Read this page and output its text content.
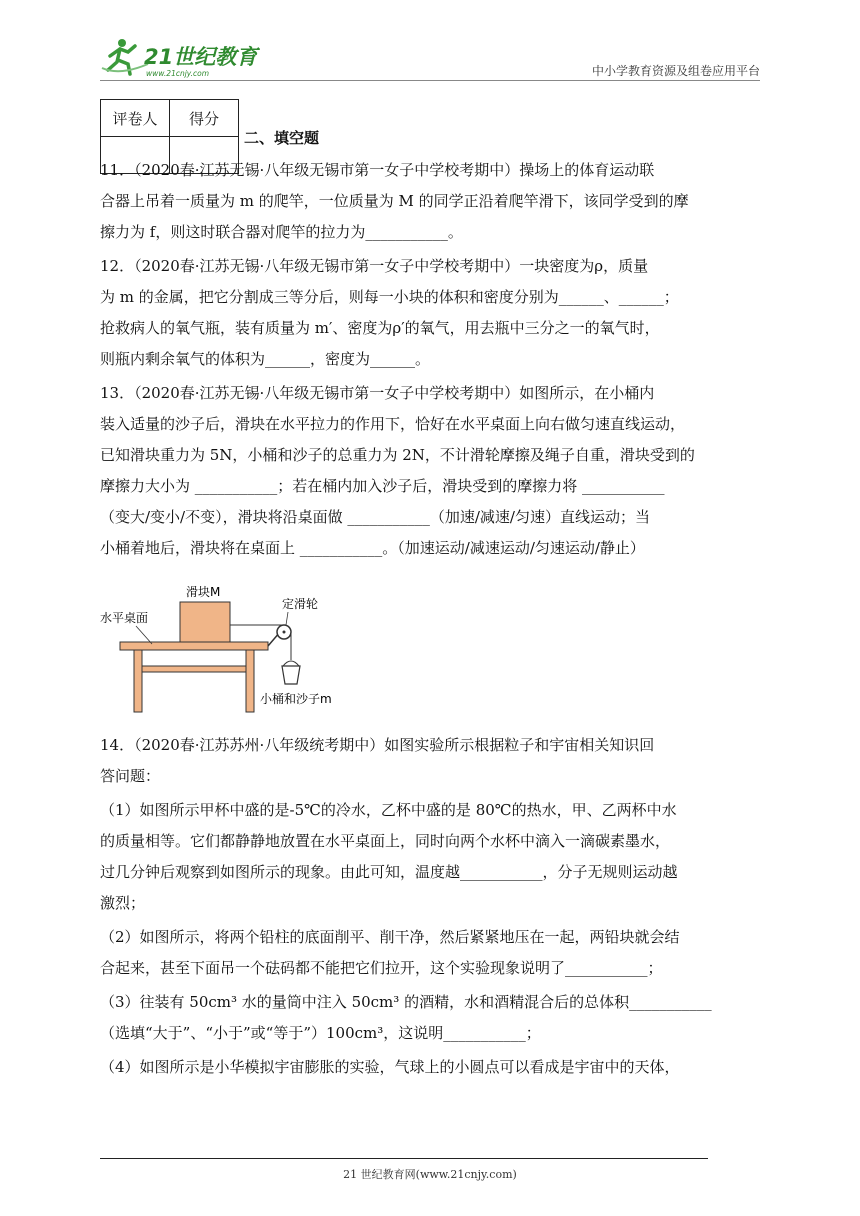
21世纪教育
www.21cnjy.com	中小学教育资源及组卷应用平台
评卷人	得分

二、填空题

11．（2020春·江苏无锡·八年级无锡市第一女子中学校考期中）操场上的体育运动联

合器上吊着一质量为 m 的爬竿，一位质量为 M 的同学正沿着爬竿滑下，该同学受到的摩

擦力为 f，则这时联合器对爬竿的拉力为___________。

12．（2020春·江苏无锡·八年级无锡市第一女子中学校考期中）一块密度为ρ，质量

为 m 的金属，把它分割成三等分后，则每一小块的体积和密度分别为______、______；

抢救病人的氧气瓶，装有质量为 m′、密度为ρ′的氧气，用去瓶中三分之一的氧气时，

则瓶内剩余氧气的体积为______，密度为______。

13．（2020春·江苏无锡·八年级无锡市第一女子中学校考期中）如图所示，在小桶内

装入适量的沙子后，滑块在水平拉力的作用下，恰好在水平桌面上向右做匀速直线运动，

已知滑块重力为 5N，小桶和沙子的总重力为 2N，不计滑轮摩擦及绳子自重，滑块受到的

摩擦力大小为 ___________；若在桶内加入沙子后，滑块受到的摩擦力将 ___________

（变大/变小/不变），滑块将沿桌面做 ___________（加速/减速/匀速）直线运动；当

小桶着地后，滑块将在桌面上 ___________。（加速运动/减速运动/匀速运动/静止）

滑块M
定滑轮
水平桌面
小桶和沙子m

14．（2020春·江苏苏州·八年级统考期中）如图实验所示根据粒子和宇宙相关知识回

答问题：

（1）如图所示甲杯中盛的是-5℃的冷水，乙杯中盛的是 80℃的热水，甲、乙两杯中水

的质量相等。它们都静静地放置在水平桌面上，同时向两个水杯中滴入一滴碳素墨水，

过几分钟后观察到如图所示的现象。由此可知，温度越___________，分子无规则运动越

激烈；

（2）如图所示，将两个铅柱的底面削平、削干净，然后紧紧地压在一起，两铅块就会结

合起来，甚至下面吊一个砝码都不能把它们拉开，这个实验现象说明了___________；

（3）往装有 50cm³ 水的量筒中注入 50cm³ 的酒精，水和酒精混合后的总体积___________

（选填“大于”、“小于”或“等于”）100cm³，这说明___________；

（4）如图所示是小华模拟宇宙膨胀的实验，气球上的小圆点可以看成是宇宙中的天体，

21 世纪教育网(www.21cnjy.com)
